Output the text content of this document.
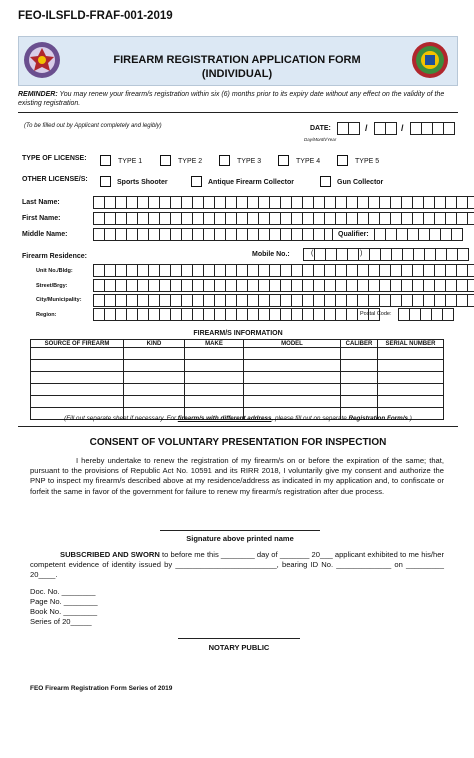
FEO-ILSFLD-FRAF-001-2019
FIREARM REGISTRATION APPLICATION FORM
(INDIVIDUAL)
REMINDER: You may renew your firearm/s registration within six (6) months prior to its expiry date without any effect on the validity of the existing registration.
(To be filled out by Applicant completely and legibly)	DATE:	/	/
Day/Month/Year
TYPE OF LICENSE:	TYPE 1	TYPE 2	TYPE 3	TYPE 4	TYPE 5
OTHER LICENSE/S:	Sports Shooter	Antique Firearm Collector	Gun Collector
Last Name:
First Name:
Middle Name:	Qualifier:
Firearm Residence:	Mobile No.:	(	)
Unit No./Bldg:
Street/Brgy:
City/Municipality:
Region:	Postal Code:
FIREARM/S INFORMATION
SOURCE OF FIREARM	KIND	MAKE	MODEL	CALIBER	SERIAL NUMBER

(Fill out separate sheet if necessary. For firearm/s with different address, please fill out on separate Registration Form/s.)
CONSENT OF VOLUNTARY PRESENTATION FOR INSPECTION
I hereby undertake to renew the registration of my firearm/s on or before the expiration of the same; that, pursuant to the provisions of Republic Act No. 10591 and its RIRR 2018, I voluntarily give my consent and authorize the PNP to inspect my firearm/s described above at my residence/address as indicated in my application and, to confiscate or forfeit the same in favor of the government for failure to renew my firearm/s registration after due process.
Signature above printed name
SUBSCRIBED AND SWORN to before me this ________ day of _______ 20___ applicant exhibited to me his/her competent evidence of identity issued by ________________________, bearing ID No. _____________ on _________ 20____.
Doc. No. ________
Page No. ________
Book No. ________
Series of 20_____
NOTARY PUBLIC
FEO Firearm Registration Form Series of 2019
